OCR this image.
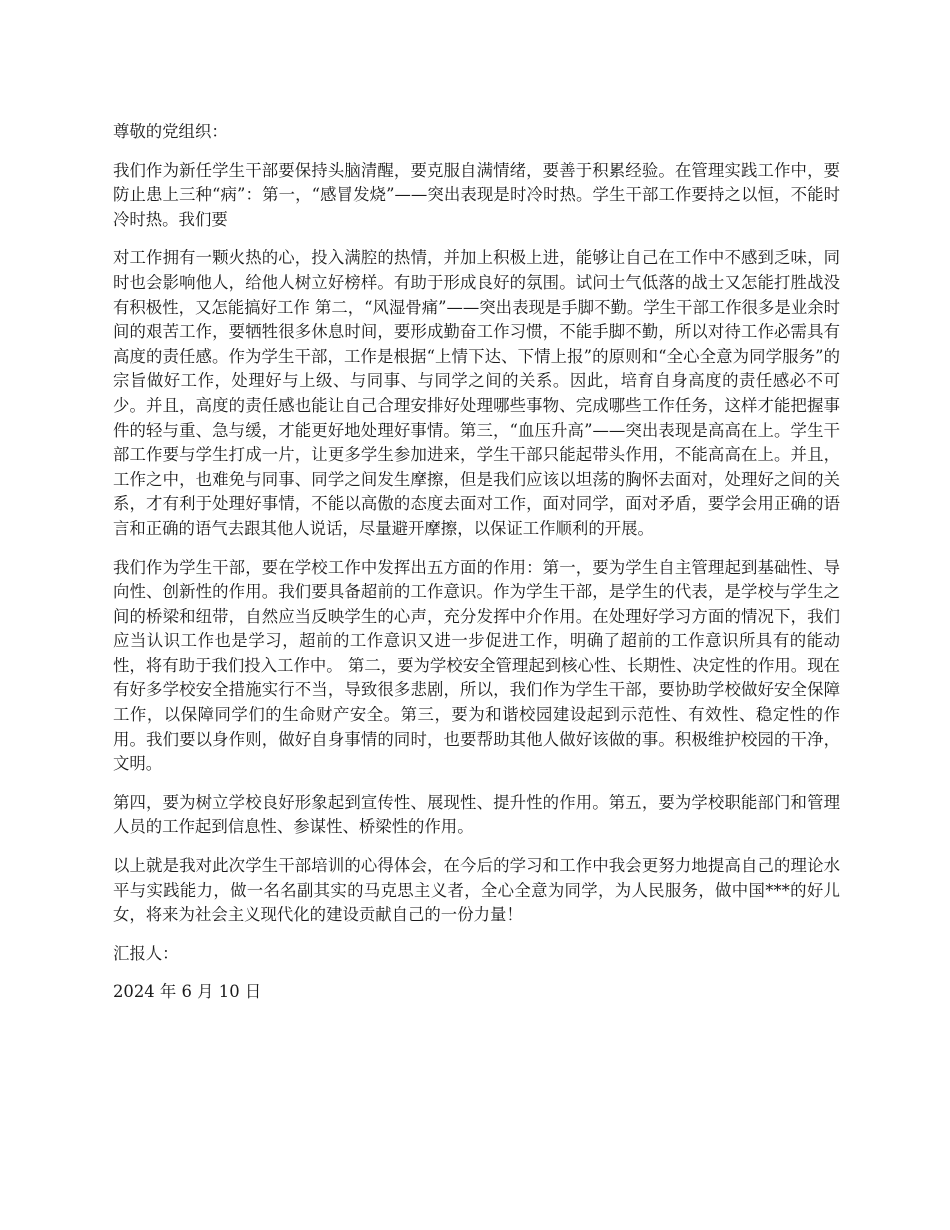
尊敬的党组织：

我们作为新任学生干部要保持头脑清醒，要克服自满情绪，要善于积累经验。在管理实践工作中，要防止患上三种“病”：第一，“感冒发烧”——突出表现是时冷时热。学生干部工作要持之以恒，不能时冷时热。我们要

对工作拥有一颗火热的心，投入满腔的热情，并加上积极上进，能够让自己在工作中不感到乏味，同时也会影响他人，给他人树立好榜样。有助于形成良好的氛围。试问士气低落的战士又怎能打胜战没有积极性，又怎能搞好工作 第二，“风湿骨痛”——突出表现是手脚不勤。学生干部工作很多是业余时间的艰苦工作，要牺牲很多休息时间，要形成勤奋工作习惯，不能手脚不勤，所以对待工作必需具有高度的责任感。作为学生干部，工作是根据“上情下达、下情上报”的原则和“全心全意为同学服务”的宗旨做好工作，处理好与上级、与同事、与同学之间的关系。因此，培育自身高度的责任感必不可少。并且，高度的责任感也能让自己合理安排好处理哪些事物、完成哪些工作任务，这样才能把握事件的轻与重、急与缓，才能更好地处理好事情。第三，“血压升高”——突出表现是高高在上。学生干部工作要与学生打成一片，让更多学生参加进来，学生干部只能起带头作用，不能高高在上。并且，工作之中，也难免与同事、同学之间发生摩擦，但是我们应该以坦荡的胸怀去面对，处理好之间的关系，才有利于处理好事情，不能以高傲的态度去面对工作，面对同学，面对矛盾，要学会用正确的语言和正确的语气去跟其他人说话，尽量避开摩擦，以保证工作顺利的开展。

我们作为学生干部，要在学校工作中发挥出五方面的作用：第一，要为学生自主管理起到基础性、导向性、创新性的作用。我们要具备超前的工作意识。作为学生干部，是学生的代表，是学校与学生之间的桥梁和纽带，自然应当反映学生的心声，充分发挥中介作用。在处理好学习方面的情况下，我们应当认识工作也是学习，超前的工作意识又进一步促进工作，明确了超前的工作意识所具有的能动性，将有助于我们投入工作中。 第二，要为学校安全管理起到核心性、长期性、决定性的作用。现在有好多学校安全措施实行不当，导致很多悲剧，所以，我们作为学生干部，要协助学校做好安全保障工作，以保障同学们的生命财产安全。第三，要为和谐校园建设起到示范性、有效性、稳定性的作用。我们要以身作则，做好自身事情的同时，也要帮助其他人做好该做的事。积极维护校园的干净，文明。

第四，要为树立学校良好形象起到宣传性、展现性、提升性的作用。第五，要为学校职能部门和管理人员的工作起到信息性、参谋性、桥梁性的作用。

以上就是我对此次学生干部培训的心得体会，在今后的学习和工作中我会更努力地提高自己的理论水平与实践能力，做一名名副其实的马克思主义者，全心全意为同学，为人民服务，做中国***的好儿女，将来为社会主义现代化的建设贡献自己的一份力量！

汇报人：

2024 年 6 月 10 日
